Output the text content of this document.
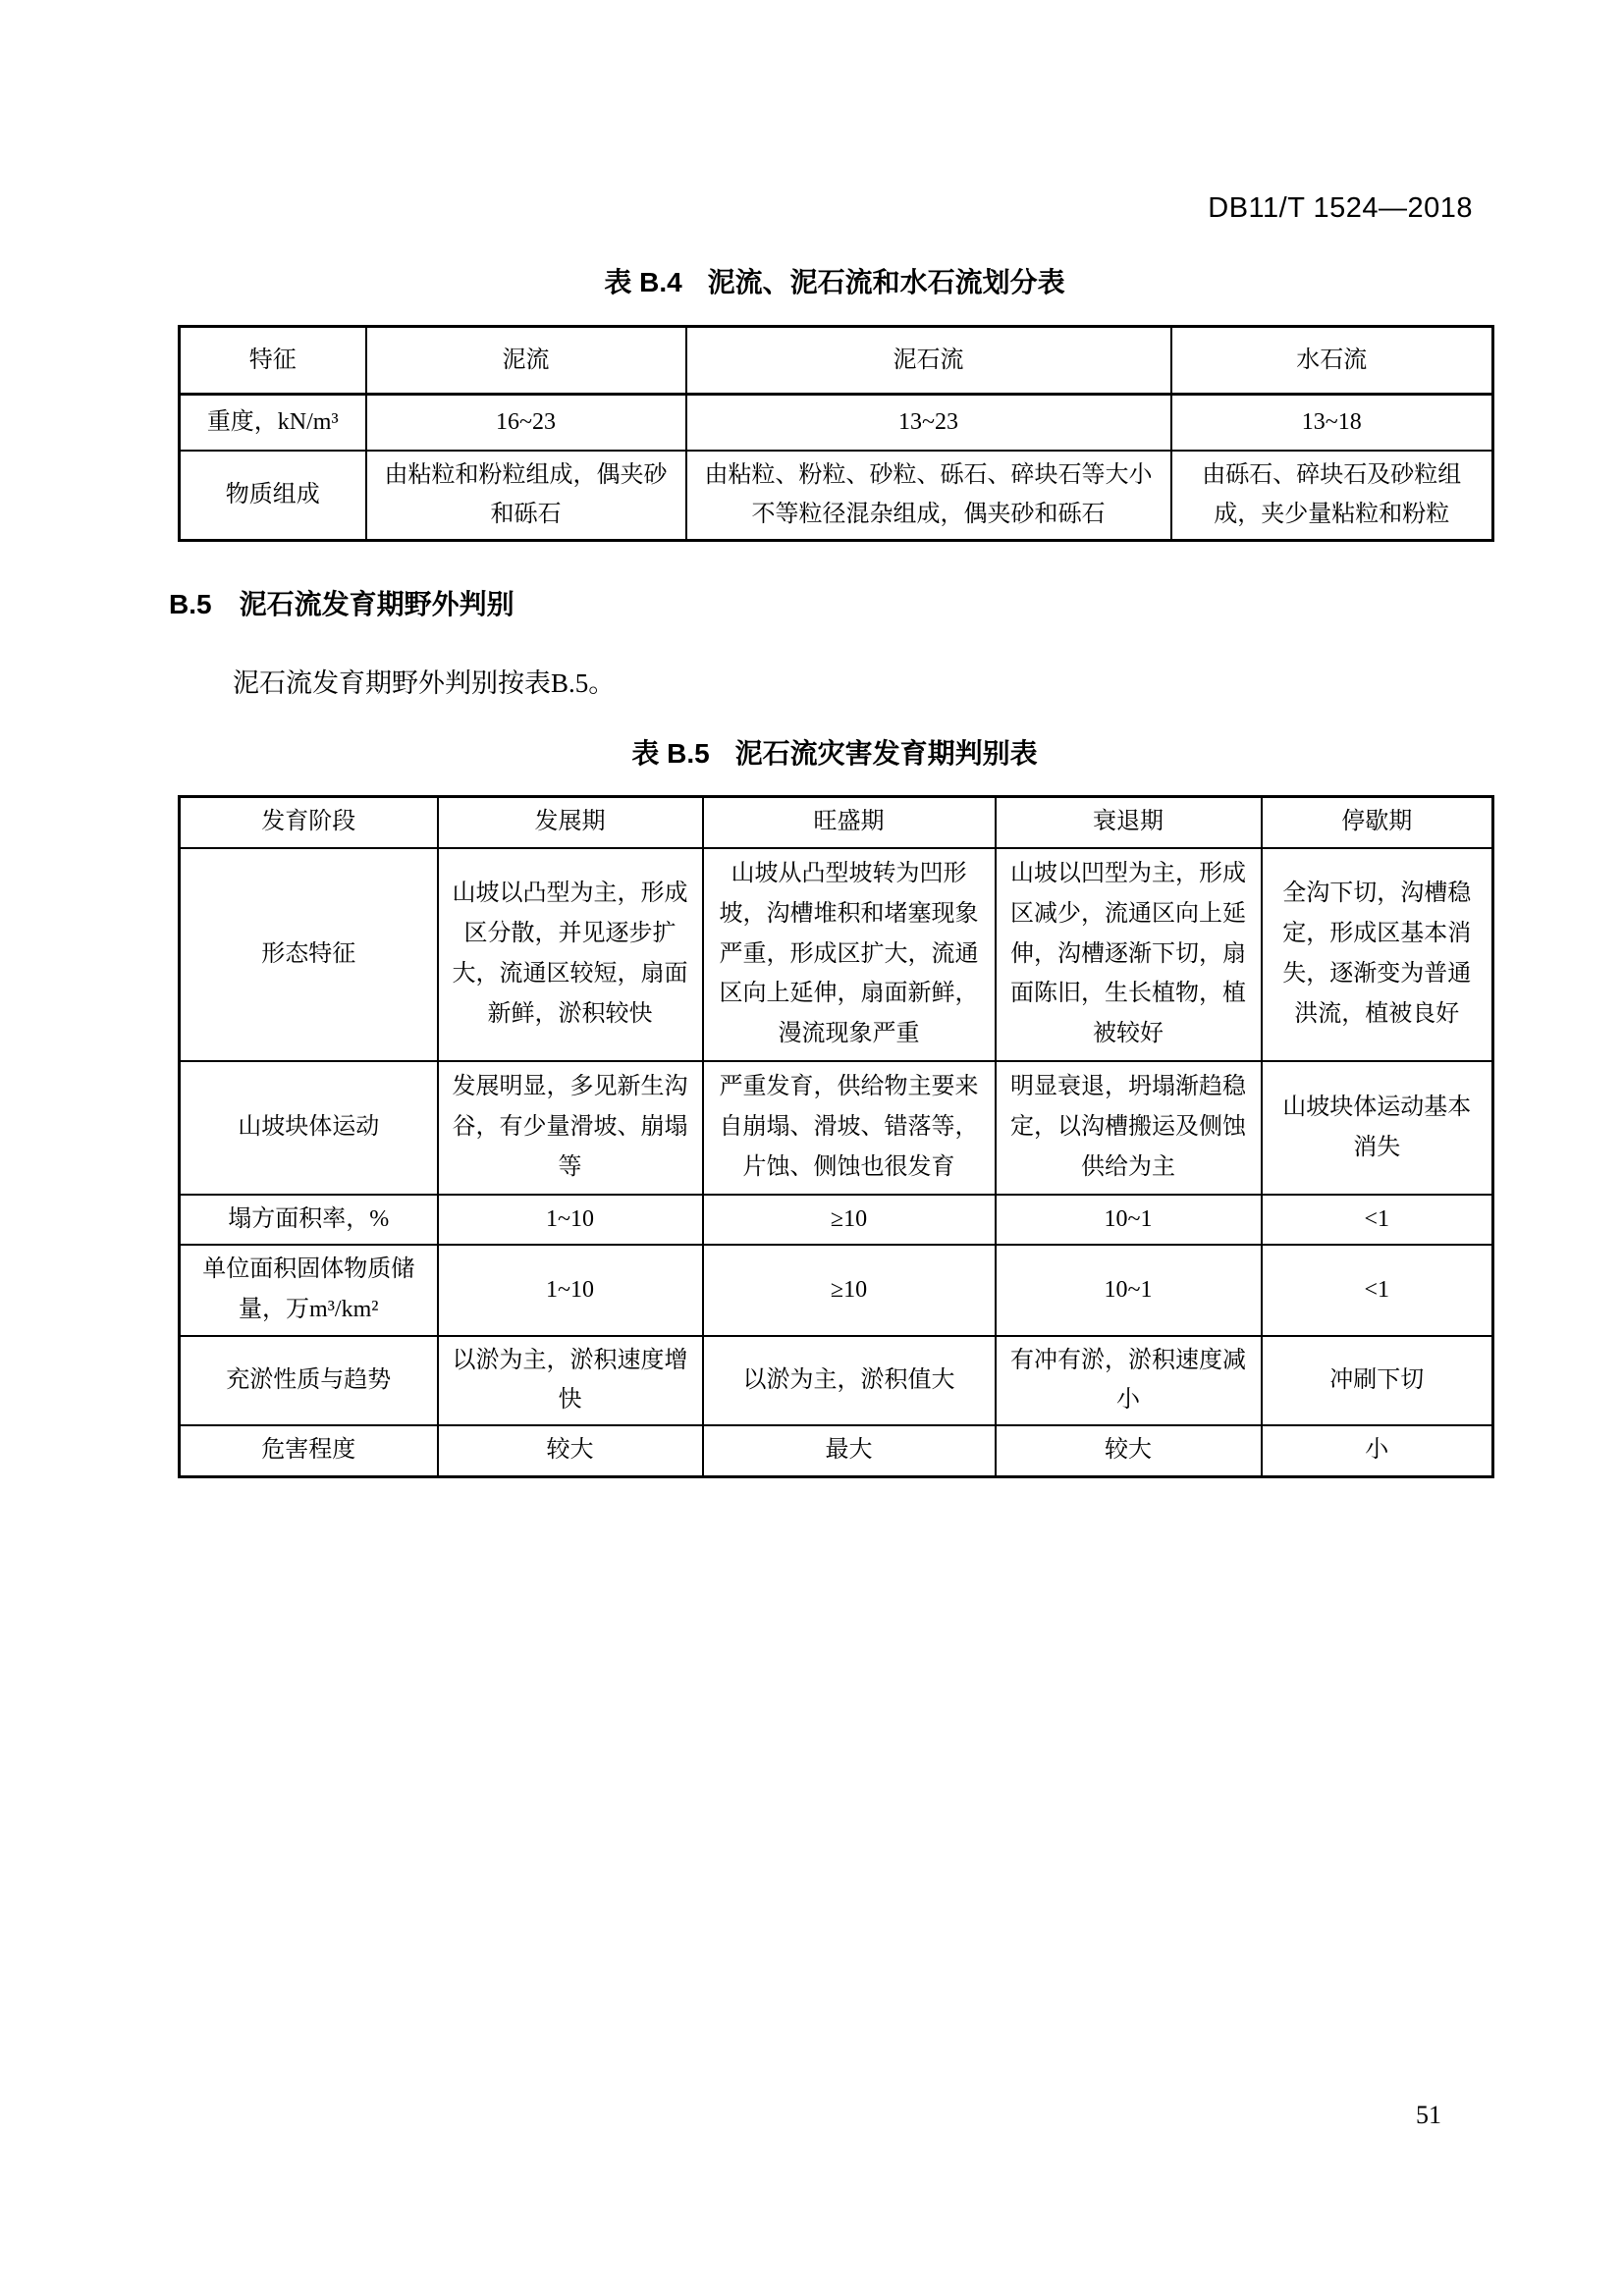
DB11/T 1524—2018
表 B.4 泥流、泥石流和水石流划分表
特征	泥流	泥石流	水石流
重度，kN/m³	16~23	13~23	13~18
物质组成	由粘粒和粉粒组成，偶夹砂和砾石	由粘粒、粉粒、砂粒、砾石、碎块石等大小不等粒径混杂组成，偶夹砂和砾石	由砾石、碎块石及砂粒组成，夹少量粘粒和粉粒
B.5 泥石流发育期野外判别
泥石流发育期野外判别按表B.5。
表 B.5 泥石流灾害发育期判别表
发育阶段	发展期	旺盛期	衰退期	停歇期
形态特征	山坡以凸型为主，形成区分散，并见逐步扩大，流通区较短，扇面新鲜，淤积较快	山坡从凸型坡转为凹形坡，沟槽堆积和堵塞现象严重，形成区扩大，流通区向上延伸，扇面新鲜，漫流现象严重	山坡以凹型为主，形成区减少，流通区向上延伸，沟槽逐渐下切，扇面陈旧，生长植物，植被较好	全沟下切，沟槽稳定，形成区基本消失，逐渐变为普通洪流，植被良好
山坡块体运动	发展明显，多见新生沟谷，有少量滑坡、崩塌等	严重发育，供给物主要来自崩塌、滑坡、错落等，片蚀、侧蚀也很发育	明显衰退，坍塌渐趋稳定，以沟槽搬运及侧蚀供给为主	山坡块体运动基本消失
塌方面积率，%	1~10	≥10	10~1	<1
单位面积固体物质储量，万m³/km²	1~10	≥10	10~1	<1
充淤性质与趋势	以淤为主，淤积速度增快	以淤为主，淤积值大	有冲有淤，淤积速度减小	冲刷下切
危害程度	较大	最大	较大	小
51
